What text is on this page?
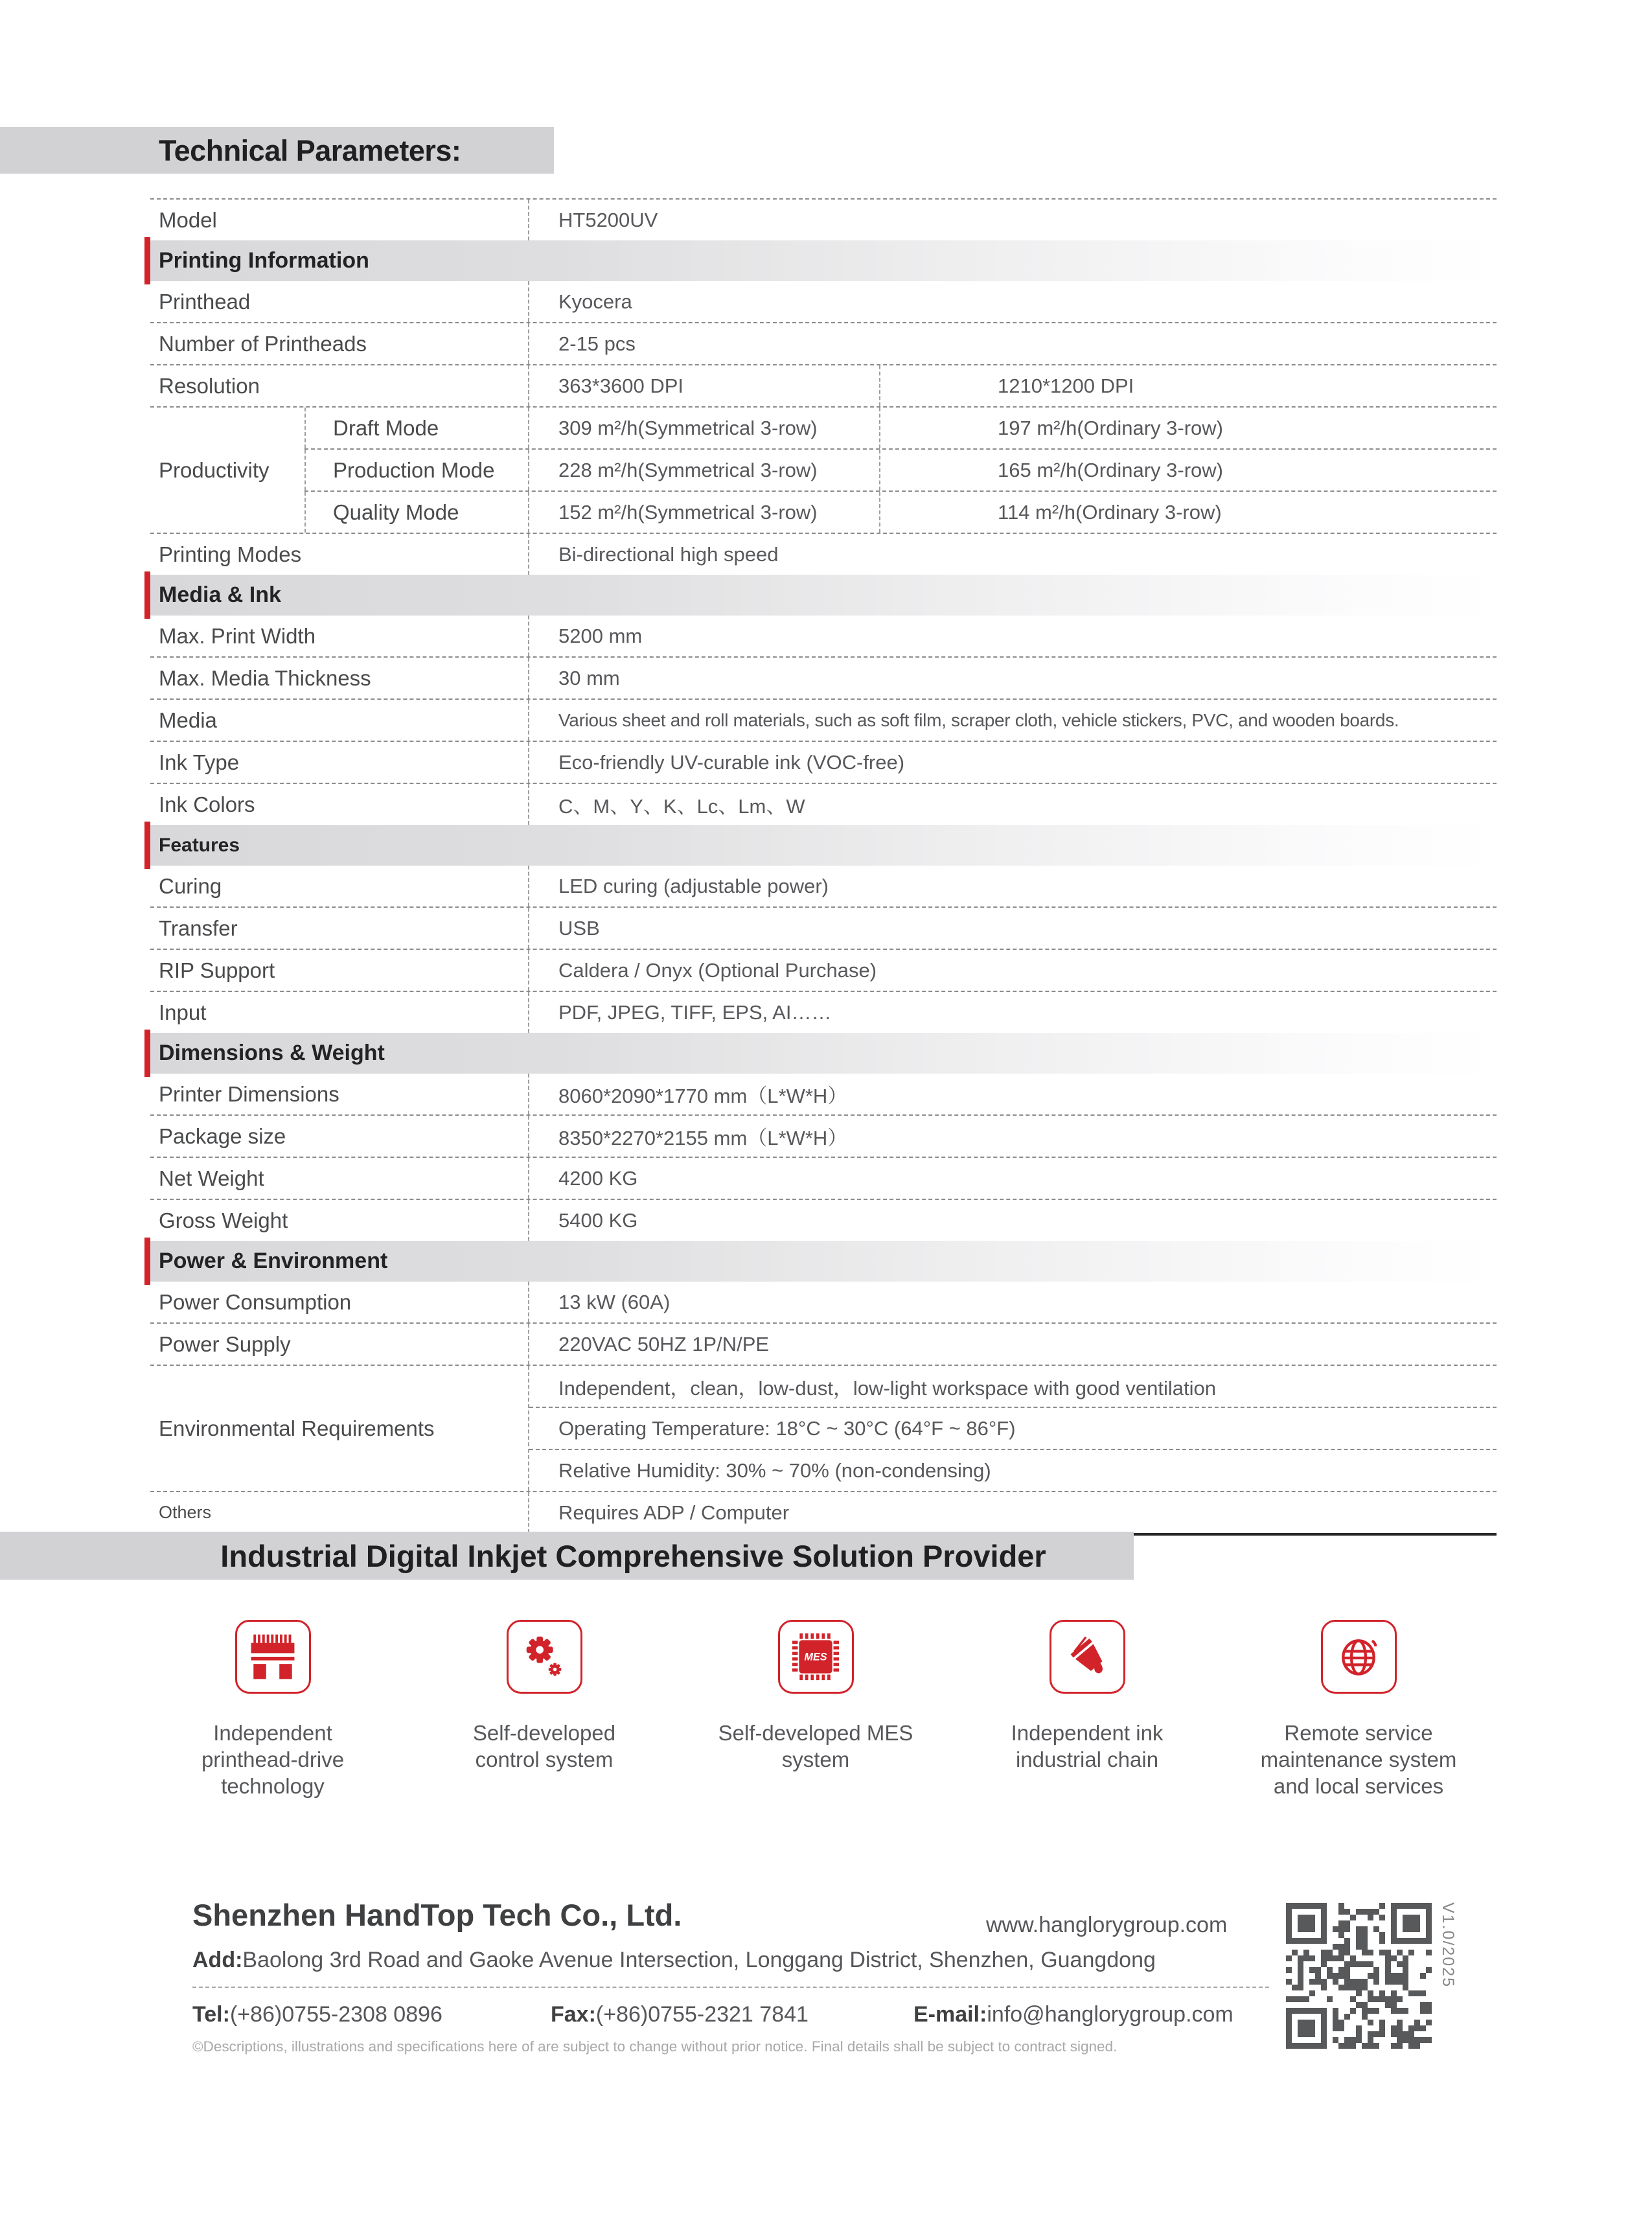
Technical Parameters:
Model	HT5200UV
Printing Information
Printhead	Kyocera
Number of Printheads	2-15 pcs
Resolution	363*3600 DPI	1210*1200 DPI
Productivity
Draft Mode	309 m²/h(Symmetrical 3-row)	197 m²/h(Ordinary 3-row)
Production Mode	228 m²/h(Symmetrical 3-row)	165 m²/h(Ordinary 3-row)
Quality Mode	152 m²/h(Symmetrical 3-row)	114 m²/h(Ordinary 3-row)
Printing Modes	Bi-directional high speed
Media & Ink
Max. Print Width	5200 mm
Max. Media Thickness	30 mm
Media	Various sheet and roll materials, such as soft film, scraper cloth, vehicle stickers, PVC, and wooden boards.
Ink Type	Eco-friendly UV-curable ink (VOC-free)
Ink Colors	C、M、Y、K、Lc、Lm、W
Features
Curing	LED curing (adjustable power)
Transfer	USB
RIP Support	Caldera / Onyx (Optional Purchase)
Input	PDF, JPEG, TIFF, EPS, AI……
Dimensions & Weight
Printer Dimensions	8060*2090*1770 mm（L*W*H）
Package size	8350*2270*2155 mm（L*W*H）
Net Weight	4200 KG
Gross Weight	5400 KG
Power & Environment
Power Consumption	13 kW (60A)
Power Supply	220VAC 50HZ 1P/N/PE
Environmental Requirements
Independent，clean，low-dust，low-light workspace with good ventilation
Operating Temperature: 18°C ~ 30°C (64°F ~ 86°F)
Relative Humidity: 30% ~ 70% (non-condensing)
Others	Requires ADP / Computer
Industrial Digital Inkjet Comprehensive Solution Provider
Independent printhead-drive technology
Self-developed control system
MES
Self-developed MES system
Independent ink industrial chain
Remote service maintenance system and local services
Shenzhen HandTop Tech Co., Ltd.	www.hanglorygroup.com
Add:Baolong 3rd Road and Gaoke Avenue Intersection, Longgang District, Shenzhen, Guangdong
Tel:(+86)0755-2308 0896	Fax:(+86)0755-2321 7841	E-mail:info@hanglorygroup.com
©Descriptions, illustrations and specifications here of are subject to change without prior notice. Final details shall be subject to contract signed.
V1.0/2025
